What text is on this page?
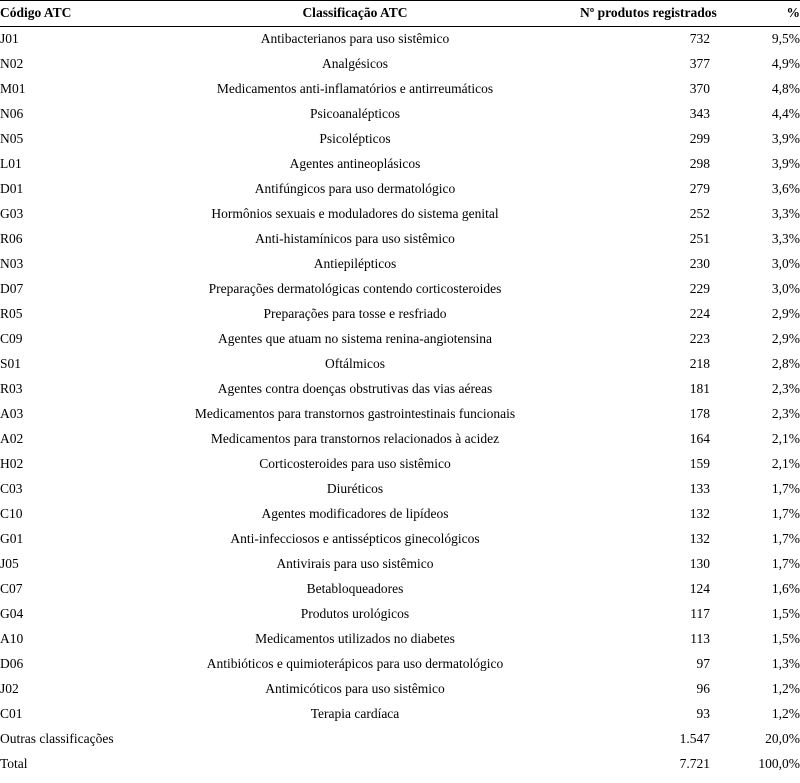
Código ATC	Classificação ATC	Nº produtos registrados	%
J01	Antibacterianos para uso sistêmico	732	9,5%
N02	Analgésicos	377	4,9%
M01	Medicamentos anti-inflamatórios e antirreumáticos	370	4,8%
N06	Psicoanalépticos	343	4,4%
N05	Psicolépticos	299	3,9%
L01	Agentes antineoplásicos	298	3,9%
D01	Antifúngicos para uso dermatológico	279	3,6%
G03	Hormônios sexuais e moduladores do sistema genital	252	3,3%
R06	Anti-histamínicos para uso sistêmico	251	3,3%
N03	Antiepilépticos	230	3,0%
D07	Preparações dermatológicas contendo corticosteroides	229	3,0%
R05	Preparações para tosse e resfriado	224	2,9%
C09	Agentes que atuam no sistema renina-angiotensina	223	2,9%
S01	Oftálmicos	218	2,8%
R03	Agentes contra doenças obstrutivas das vias aéreas	181	2,3%
A03	Medicamentos para transtornos gastrointestinais funcionais	178	2,3%
A02	Medicamentos para transtornos relacionados à acidez	164	2,1%
H02	Corticosteroides para uso sistêmico	159	2,1%
C03	Diuréticos	133	1,7%
C10	Agentes modificadores de lipídeos	132	1,7%
G01	Anti-infecciosos e antissépticos ginecológicos	132	1,7%
J05	Antivirais para uso sistêmico	130	1,7%
C07	Betabloqueadores	124	1,6%
G04	Produtos urológicos	117	1,5%
A10	Medicamentos utilizados no diabetes	113	1,5%
D06	Antibióticos e quimioterápicos para uso dermatológico	97	1,3%
J02	Antimicóticos para uso sistêmico	96	1,2%
C01	Terapia cardíaca	93	1,2%
Outras classificações		1.547	20,0%
Total		7.721	100,0%
